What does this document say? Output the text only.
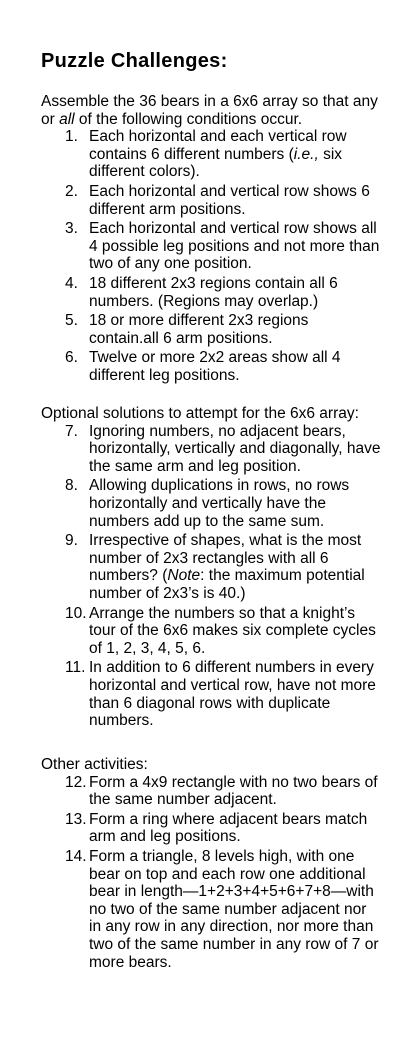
Puzzle Challenges:
Assemble the 36 bears in a 6x6 array so that any or all of the following conditions occur.
1. Each horizontal and each vertical row contains 6 different numbers (i.e., six different colors).
2. Each horizontal and vertical row shows 6 different arm positions.
3. Each horizontal and vertical row shows all 4 possible leg positions and not more than two of any one position.
4. 18 different 2x3 regions contain all 6 numbers. (Regions may overlap.)
5. 18 or more different 2x3 regions contain.all 6 arm positions.
6. Twelve or more 2x2 areas show all 4 different leg positions.
Optional solutions to attempt for the 6x6 array:
7. Ignoring numbers, no adjacent bears, horizontally, vertically and diagonally, have the same arm and leg position.
8. Allowing duplications in rows, no rows horizontally and vertically have the numbers add up to the same sum.
9. Irrespective of shapes, what is the most number of 2x3 rectangles with all 6 numbers? (Note: the maximum potential number of 2x3’s is 40.)
10. Arrange the numbers so that a knight’s tour of the 6x6 makes six complete cycles of 1, 2, 3, 4, 5, 6.
11. In addition to 6 different numbers in every horizontal and vertical row, have not more than 6 diagonal rows with duplicate numbers.
Other activities:
12. Form a 4x9 rectangle with no two bears of the same number adjacent.
13. Form a ring where adjacent bears match arm and leg positions.
14. Form a triangle, 8 levels high, with one bear on top and each row one additional bear in length—1+2+3+4+5+6+7+8—with no two of the same number adjacent nor in any row in any direction, nor more than two of the same number in any row of 7 or more bears.
